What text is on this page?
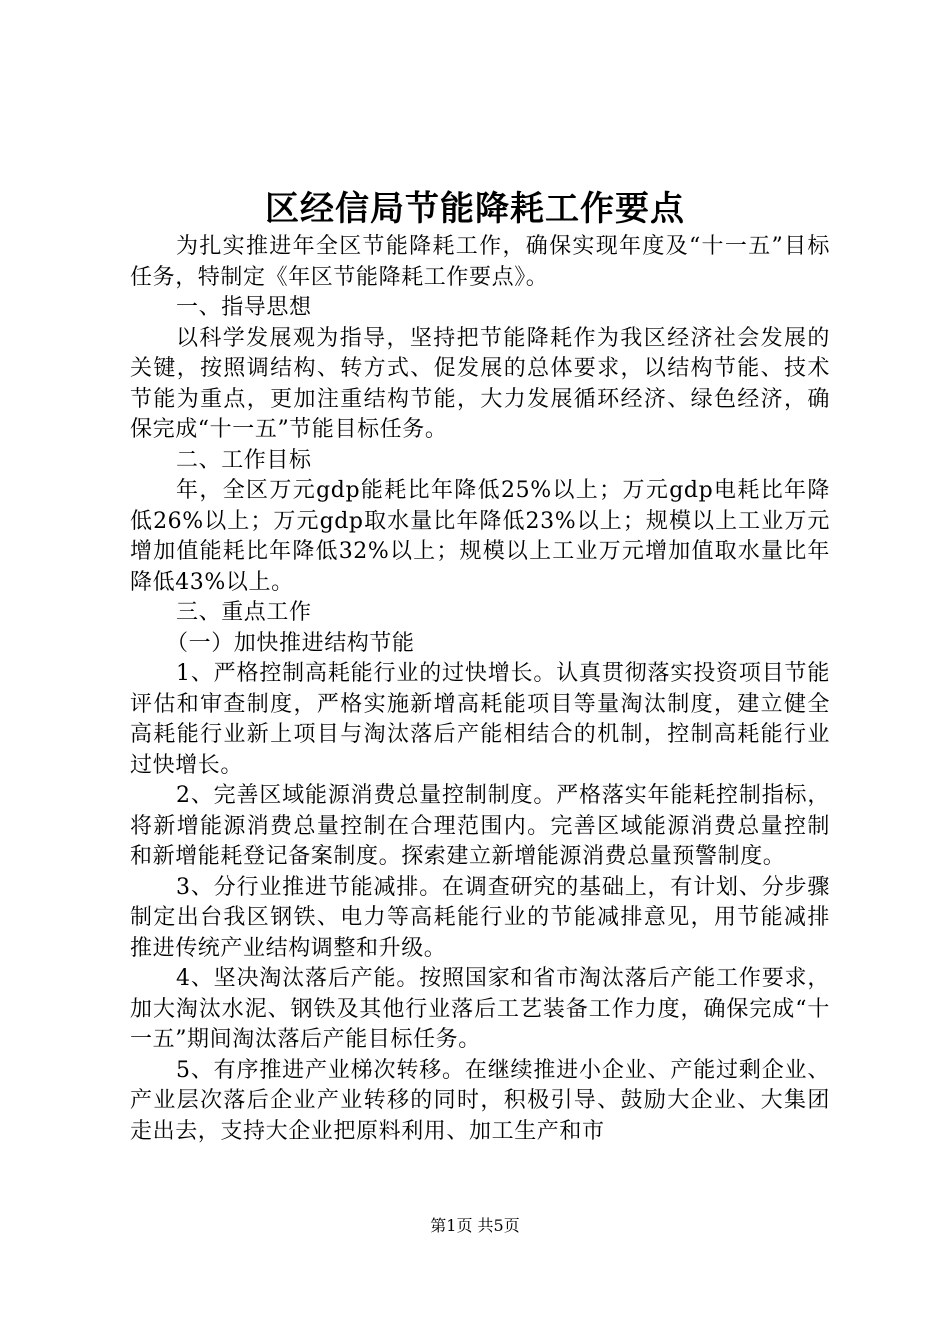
区经信局节能降耗工作要点

为扎实推进年全区节能降耗工作，确保实现年度及“十一五”目标任务，特制定《年区节能降耗工作要点》。

一、指导思想

以科学发展观为指导，坚持把节能降耗作为我区经济社会发展的关键，按照调结构、转方式、促发展的总体要求，以结构节能、技术节能为重点，更加注重结构节能，大力发展循环经济、绿色经济，确保完成“十一五”节能目标任务。

二、工作目标

年，全区万元gdp能耗比年降低25%以上；万元gdp电耗比年降低26%以上；万元gdp取水量比年降低23%以上；规模以上工业万元增加值能耗比年降低32%以上；规模以上工业万元增加值取水量比年降低43%以上。

三、重点工作

（一）加快推进结构节能

1、严格控制高耗能行业的过快增长。认真贯彻落实投资项目节能评估和审查制度，严格实施新增高耗能项目等量淘汰制度，建立健全高耗能行业新上项目与淘汰落后产能相结合的机制，控制高耗能行业过快增长。

2、完善区域能源消费总量控制制度。严格落实年能耗控制指标，将新增能源消费总量控制在合理范围内。完善区域能源消费总量控制和新增能耗登记备案制度。探索建立新增能源消费总量预警制度。

3、分行业推进节能减排。在调查研究的基础上，有计划、分步骤制定出台我区钢铁、电力等高耗能行业的节能减排意见，用节能减排推进传统产业结构调整和升级。

4、坚决淘汰落后产能。按照国家和省市淘汰落后产能工作要求，加大淘汰水泥、钢铁及其他行业落后工艺装备工作力度，确保完成“十一五”期间淘汰落后产能目标任务。

5、有序推进产业梯次转移。在继续推进小企业、产能过剩企业、产业层次落后企业产业转移的同时，积极引导、鼓励大企业、大集团走出去，支持大企业把原料利用、加工生产和市

第1页 共5页
